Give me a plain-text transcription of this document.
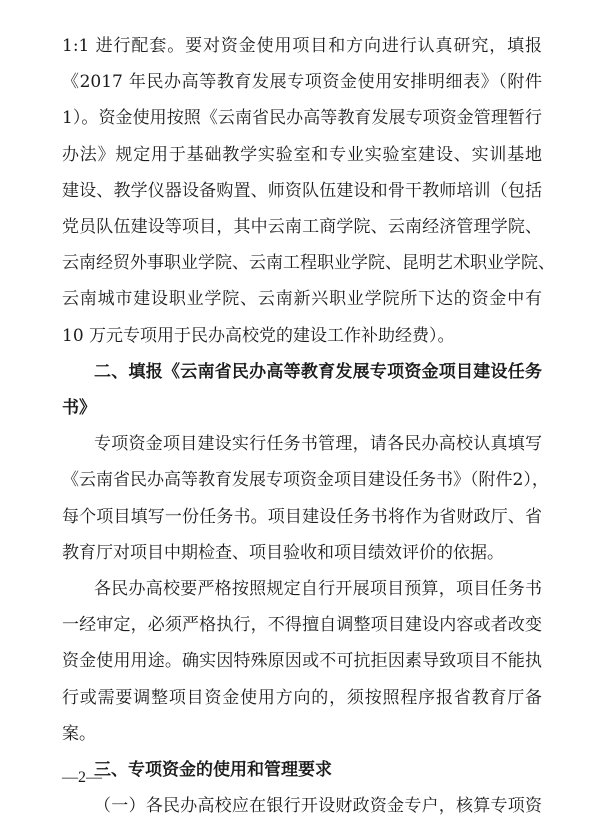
1:1 进行配套。要对资金使用项目和方向进行认真研究，填报
《2017 年民办高等教育发展专项资金使用安排明细表》（附件
1）。资金使用按照《云南省民办高等教育发展专项资金管理暂行
办法》规定用于基础教学实验室和专业实验室建设、实训基地
建设、教学仪器设备购置、师资队伍建设和骨干教师培训（包括
党员队伍建设等项目，其中云南工商学院、云南经济管理学院、
云南经贸外事职业学院、云南工程职业学院、昆明艺术职业学院、
云南城市建设职业学院、云南新兴职业学院所下达的资金中有
10 万元专项用于民办高校党的建设工作补助经费）。
二、填报《云南省民办高等教育发展专项资金项目建设任务
书》
专项资金项目建设实行任务书管理，请各民办高校认真填写
《云南省民办高等教育发展专项资金项目建设任务书》（附件2），
每个项目填写一份任务书。项目建设任务书将作为省财政厅、省
教育厅对项目中期检查、项目验收和项目绩效评价的依据。
各民办高校要严格按照规定自行开展项目预算，项目任务书
一经审定，必须严格执行，不得擅自调整项目建设内容或者改变
资金使用用途。确实因特殊原因或不可抗拒因素导致项目不能执
行或需要调整项目资金使用方向的，须按照程序报省教育厅备
案。
三、专项资金的使用和管理要求
（一）各民办高校应在银行开设财政资金专户，核算专项资
—2—
